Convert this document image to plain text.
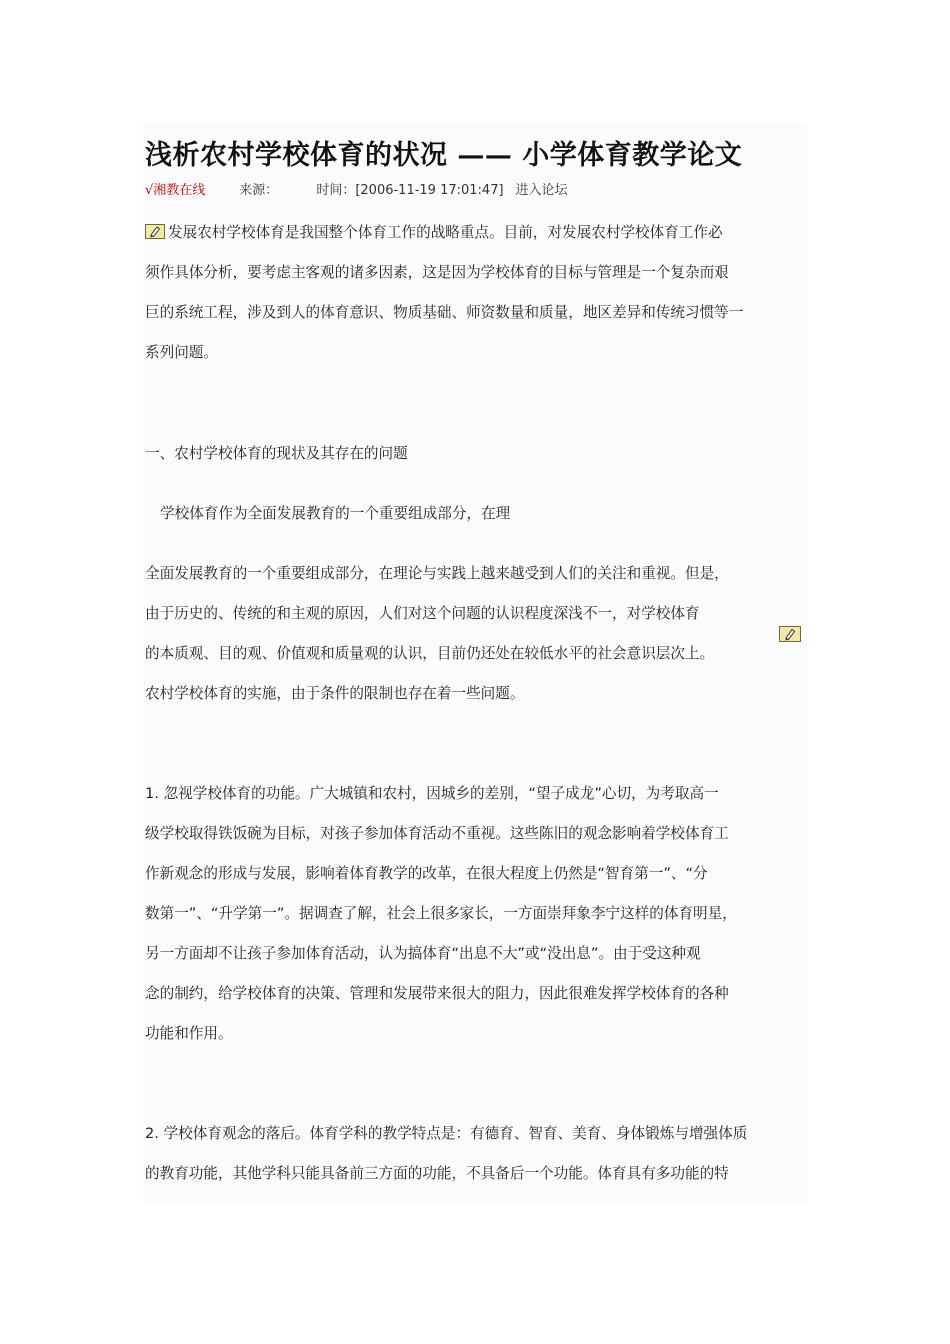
浅析农村学校体育的状况 —— 小学体育教学论文
√湘教在线	来源：	时间：[2006-11-19 17:01:47] 进入论坛
发展农村学校体育是我国整个体育工作的战略重点。目前，对发展农村学校体育工作必
须作具体分析，要考虑主客观的诸多因素，这是因为学校体育的目标与管理是一个复杂而艰
巨的系统工程，涉及到人的体育意识、物质基础、师资数量和质量，地区差异和传统习惯等一
系列问题。
一、农村学校体育的现状及其存在的问题
学校体育作为全面发展教育的一个重要组成部分，在理
全面发展教育的一个重要组成部分，在理论与实践上越来越受到人们的关注和重视。但是，
由于历史的、传统的和主观的原因，人们对这个问题的认识程度深浅不一，对学校体育
的本质观、目的观、价值观和质量观的认识，目前仍还处在较低水平的社会意识层次上。
农村学校体育的实施，由于条件的限制也存在着一些问题。
1. 忽视学校体育的功能。广大城镇和农村，因城乡的差别，“望子成龙”心切，为考取高一
级学校取得铁饭碗为目标，对孩子参加体育活动不重视。这些陈旧的观念影响着学校体育工
作新观念的形成与发展，影响着体育教学的改革，在很大程度上仍然是“智育第一”、“分
数第一”、“升学第一”。据调查了解，社会上很多家长，一方面崇拜象李宁这样的体育明星，
另一方面却不让孩子参加体育活动，认为搞体育“出息不大”或“没出息”。由于受这种观
念的制约，给学校体育的决策、管理和发展带来很大的阻力，因此很难发挥学校体育的各种
功能和作用。
2. 学校体育观念的落后。体育学科的教学特点是：有德育、智育、美育、身体锻炼与增强体质
的教育功能，其他学科只能具备前三方面的功能，不具备后一个功能。体育具有多功能的特
